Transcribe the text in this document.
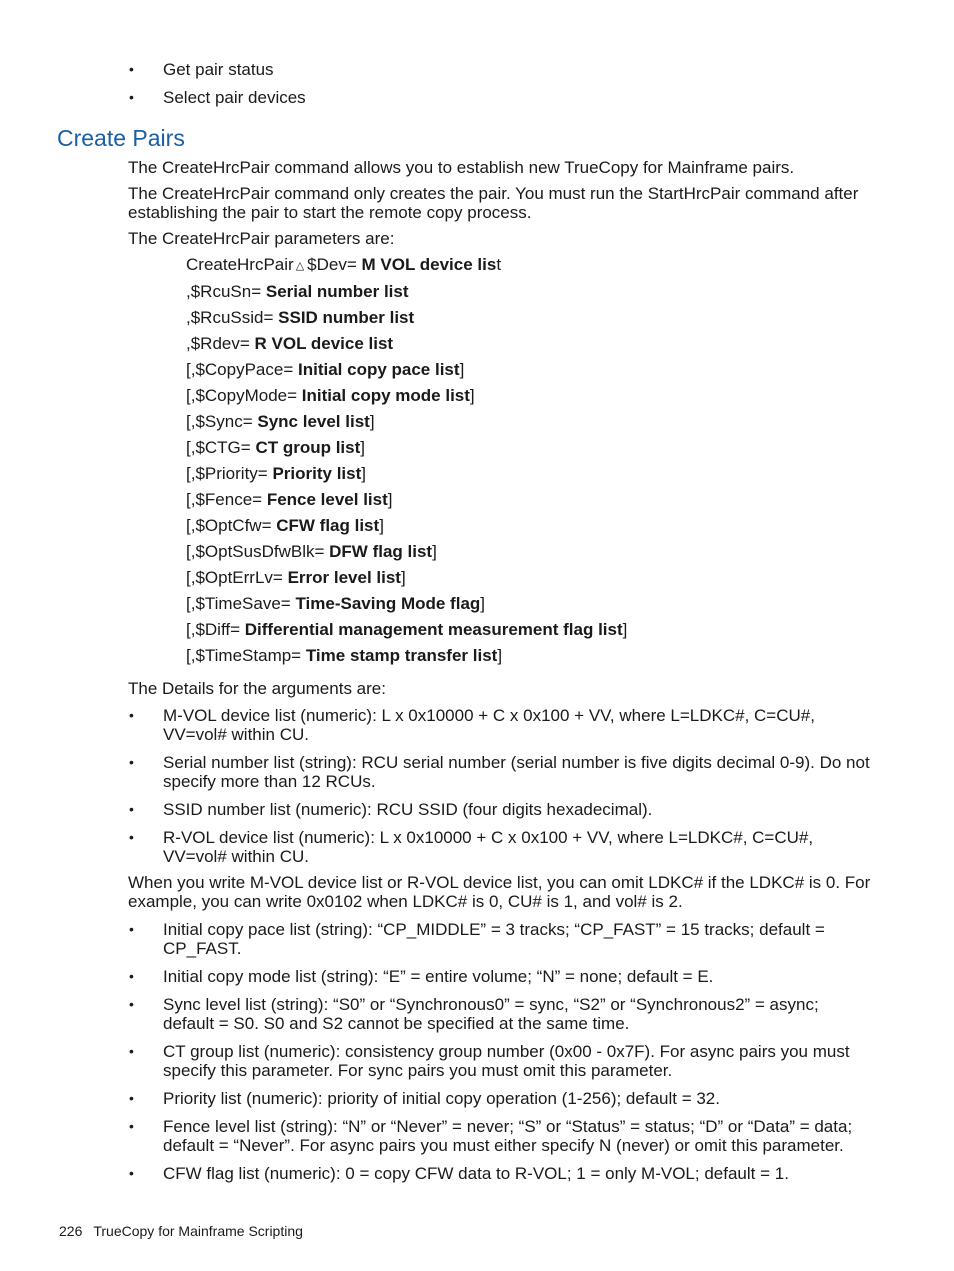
• Get pair status
• Select pair devices
Create Pairs

The CreateHrcPair command allows you to establish new TrueCopy for Mainframe pairs.

The CreateHrcPair command only creates the pair. You must run the StartHrcPair command after establishing the pair to start the remote copy process.

The CreateHrcPair parameters are:

CreateHrcPair △ $Dev= M VOL device list
,$RcuSn= Serial number list
,$RcuSsid= SSID number list
,$Rdev= R VOL device list
[,$CopyPace= Initial copy pace list]
[,$CopyMode= Initial copy mode list]
[,$Sync= Sync level list]
[,$CTG= CT group list]
[,$Priority= Priority list]
[,$Fence= Fence level list]
[,$OptCfw= CFW flag list]
[,$OptSusDfwBlk= DFW flag list]
[,$OptErrLv= Error level list]
[,$TimeSave= Time-Saving Mode flag]
[,$Diff= Differential management measurement flag list]
[,$TimeStamp= Time stamp transfer list]

The Details for the arguments are:

• M-VOL device list (numeric): L x 0x10000 + C x 0x100 + VV, where L=LDKC#, C=CU#, VV=vol# within CU.
• Serial number list (string): RCU serial number (serial number is five digits decimal 0-9). Do not specify more than 12 RCUs.
• SSID number list (numeric): RCU SSID (four digits hexadecimal).
• R-VOL device list (numeric): L x 0x10000 + C x 0x100 + VV, where L=LDKC#, C=CU#, VV=vol# within CU.

When you write M-VOL device list or R-VOL device list, you can omit LDKC# if the LDKC# is 0. For example, you can write 0x0102 when LDKC# is 0, CU# is 1, and vol# is 2.

• Initial copy pace list (string): “CP_MIDDLE” = 3 tracks; “CP_FAST” = 15 tracks; default = CP_FAST.
• Initial copy mode list (string): “E” = entire volume; “N” = none; default = E.
• Sync level list (string): “S0” or “Synchronous0” = sync, “S2” or “Synchronous2” = async; default = S0. S0 and S2 cannot be specified at the same time.
• CT group list (numeric): consistency group number (0x00 - 0x7F). For async pairs you must specify this parameter. For sync pairs you must omit this parameter.
• Priority list (numeric): priority of initial copy operation (1-256); default = 32.
• Fence level list (string): “N” or “Never” = never; “S” or “Status” = status; “D” or “Data” = data; default = “Never”. For async pairs you must either specify N (never) or omit this parameter.
• CFW flag list (numeric): 0 = copy CFW data to R-VOL; 1 = only M-VOL; default = 1.
226 TrueCopy for Mainframe Scripting
